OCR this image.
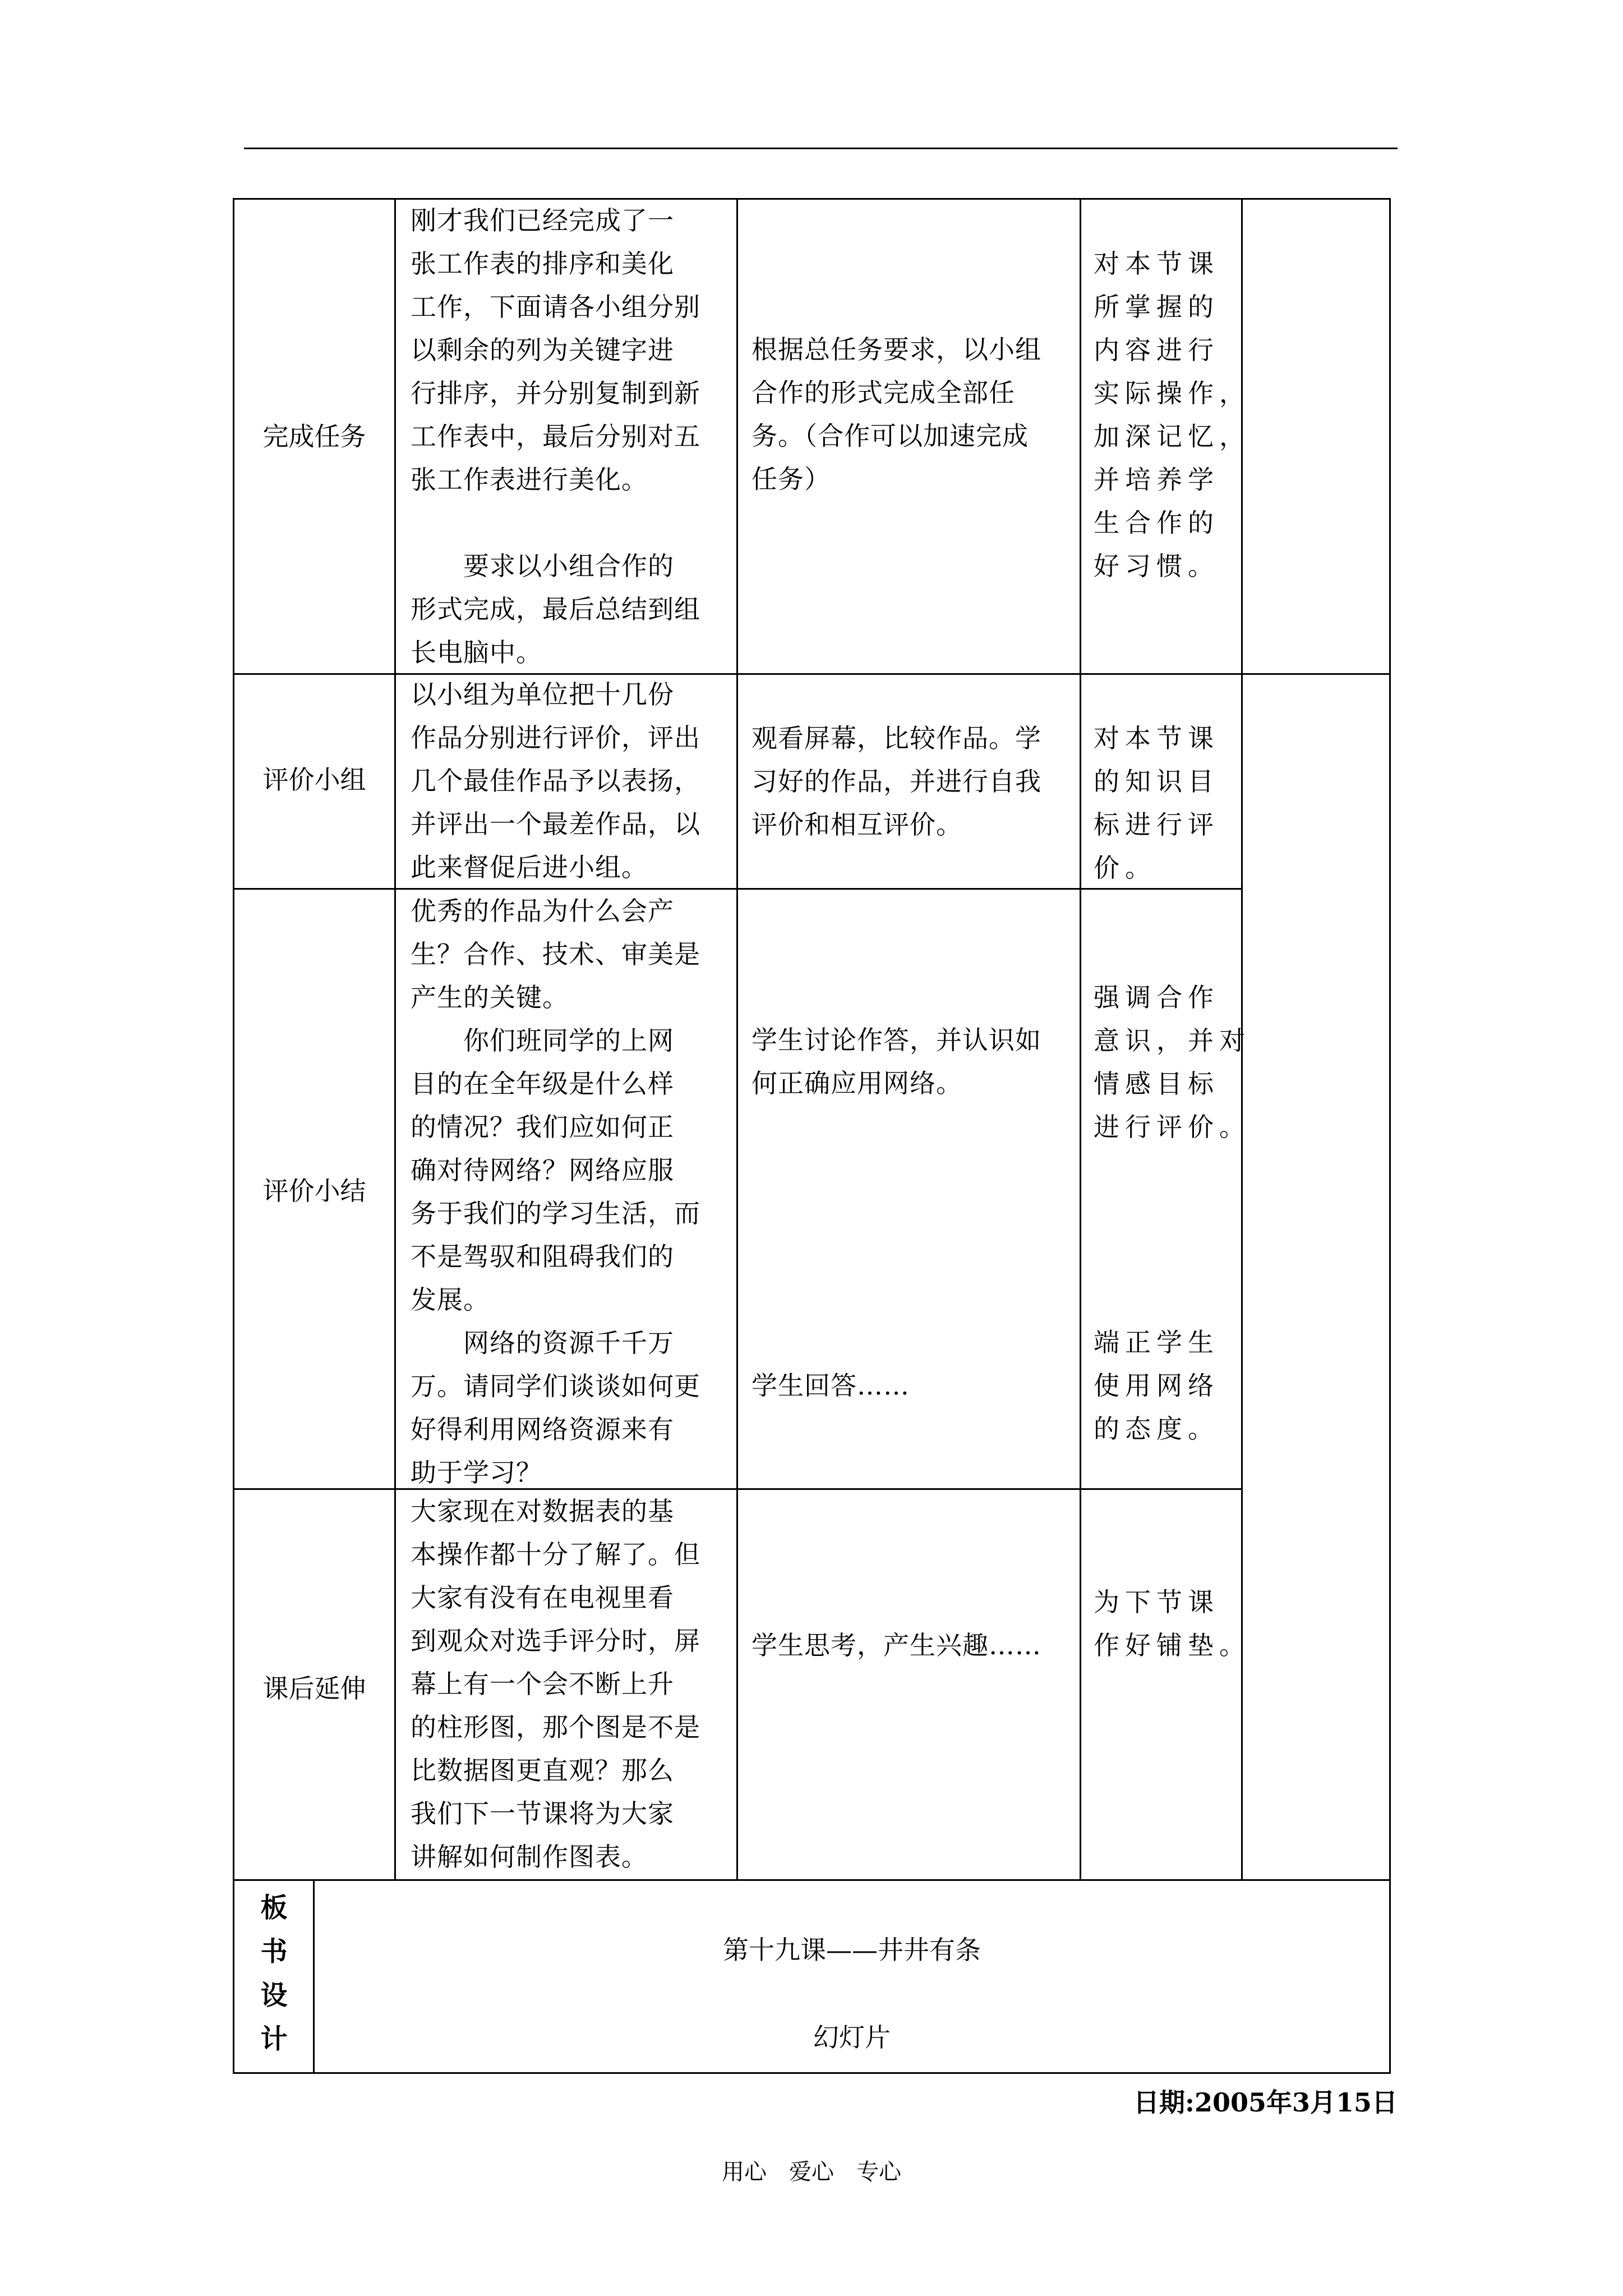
完成任务
刚才我们已经完成了一
张工作表的排序和美化
工作，下面请各小组分别
以剩余的列为关键字进
行排序，并分别复制到新
工作表中，最后分别对五
张工作表进行美化。

　　要求以小组合作的
形式完成，最后总结到组
长电脑中。
根据总任务要求，以小组
合作的形式完成全部任
务。（合作可以加速完成
任务）
对本节课
所掌握的
内容进行
实际操作，
加深记忆，
并培养学
生合作的
好习惯。
评价小组
以小组为单位把十几份
作品分别进行评价，评出
几个最佳作品予以表扬，
并评出一个最差作品，以
此来督促后进小组。
观看屏幕，比较作品。学
习好的作品，并进行自我
评价和相互评价。
对本节课
的知识目
标进行评
价。
评价小结
优秀的作品为什么会产
生？合作、技术、审美是
产生的关键。
　　你们班同学的上网
目的在全年级是什么样
的情况？我们应如何正
确对待网络？网络应服
务于我们的学习生活，而
不是驾驭和阻碍我们的
发展。
　　网络的资源千千万
万。请同学们谈谈如何更
好得利用网络资源来有
助于学习？
学生讨论作答，并认识如
何正确应用网络。
学生回答……
强调合作
意识，并对
情感目标
进行评价。
端正学生
使用网络
的态度。
课后延伸
大家现在对数据表的基
本操作都十分了解了。但
大家有没有在电视里看
到观众对选手评分时，屏
幕上有一个会不断上升
的柱形图，那个图是不是
比数据图更直观？那么
我们下一节课将为大家
讲解如何制作图表。
学生思考，产生兴趣……
为下节课
作好铺垫。
板
书
设
计
第十九课——井井有条
幻灯片
日期:2005年3月15日
用心　爱心　专心
